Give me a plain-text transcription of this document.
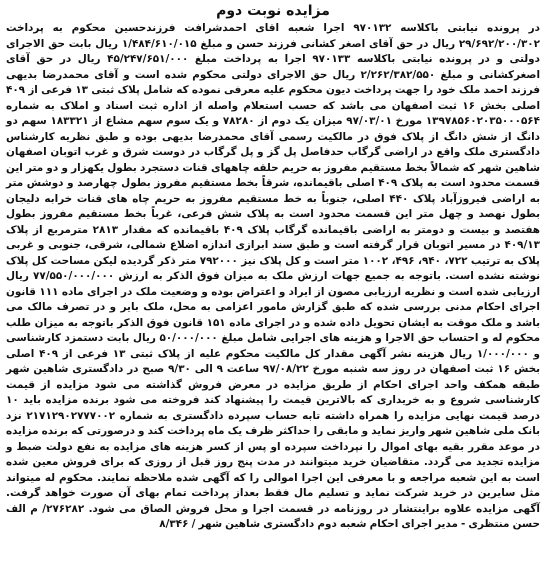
مزایده نوبت دوم

در پرونده نیابتی باکلاسه ۹۷۰۱۳۲ اجرا شعبه اقای احمدشرافت فرزندحسین محکوم به پرداخت ۲۹/۶۹۲/۲۰۰/۳۰۲ ریال در حق آقای اصغر کشانی فرزند حسن و مبلغ ۱/۴۸۴/۶۱۰/۰۱۵ ریال بابت حق الاجرای دولتی و در پرونده نیابتی باکلاسه ۹۷۰۱۳۳ اجرا به پرداخت مبلغ ۴۵/۲۴۷/۶۵۱/۰۰۰ ریال در حق آقای اصغرکشانی و مبلغ ۲/۲۶۲/۳۸۲/۵۵۰ ریال حق الاجرای دولتی محکوم شده است و آقای محمدرضا بدیهی فرزند احمد ملک خود را جهت پرداخت دیون محکوم علیه معرفی نموده که شامل پلاک ثبتی ۱۳ فرعی از ۴۰۹ اصلی بخش ۱۶ ثبت اصفهان می باشد که حسب استعلام واصله از اداره ثبت اسناد و املاک به شماره ۱۳۹۷۸۵۶۰۲۰۳۵۰۰۰۵۶۴ مورخ ۹۷/۰۳/۰۱ میزان یک دوم از ۷۸۲۸۰ و یک سوم سهم مشاع از ۱۸۳۳۲۱ سهم دو دانگ از شش دانگ از پلاک فوق در مالکیت رسمی آقای محمدرضا بدیهی بوده و طبق نظریه کارشناس دادگستری ملک واقع در اراضی گرگاب حدفاصل پل گز و پل گرگاب در دوست شرق و غرب اتوبان اصفهان شاهین شهر که شمالاً بخط مستقیم مفروز به حریم حلقه چاههای قنات دستجرد بطول یکهزار و دو متر این قسمت محدود است به پلاک ۴۰۹ اصلی باقیمانده، شرقاً بخط مستقیم مفروز بطول چهارصد و دوشش متر به اراضی فیروزآباد پلاک ۴۴۰ اصلی، جنوباً به خط مستقیم مفروز به حریم چاه های قنات خرابه دلیجان بطول نهصد و چهل متر این قسمت محدود است به پلاک شش فرعی، غرباً بخط مستقیم مفروز بطول هفتصد و بیست و دومتر به اراضی باقیمانده گرگاب پلاک ۴۰۹ باقیمانده که مقدار ۲۸۱۳ مترمربع از پلاک ۴۰۹/۱۳ در مسیر اتوبان قرار گرفته است و طبق سند ابرازی اندازه اضلاع شمالی، شرقی، جنوبی و غربی پلاک به ترتیب ۷۲۲، ۹۴۰، ۴۹۶، ۱۰۰۲ متر است و کل پلاک نیز ۷۹۲۰۰۰ متر ذکر گردیده لیکن مساحت کل پلاک نوشته نشده است. باتوجه به جمیع جهات ارزش ملک به میزان فوق الذکر به ارزش ۷۷/۵۵۰/۰۰۰/۰۰۰ ریال ارزیابی شده است و نظریه ارزیابی مصون از ایراد و اعتراض بوده و وضعیت ملک در اجرای ماده ۱۱۱ قانون اجرای احکام مدنی بررسی شده که طبق گزارش مامور اعزامی به محل، ملک بایر و در تصرف مالک می باشد و ملک موقت به ایشان تحویل داده شده و در اجرای ماده ۱۵۱ قانون فوق الذکر باتوجه به میزان طلب محکوم له و احتساب حق الاجرا و هزینه های اجرایی شامل مبلغ ۵۰/۰۰۰/۰۰۰ ریال بابت دستمزد کارشناسی و ۱/۰۰۰/۰۰۰ ریال هزینه نشر آگهی مقدار کل مالکیت محکوم علیه از پلاک ثبتی ۱۳ فرعی از ۴۰۹ اصلی بخش ۱۶ ثبت اصفهان در روز سه شنبه مورخ ۹۷/۰۸/۲۲ ساعت ۹ الی ۹/۳۰ صبح در دادگستری شاهین شهر طبقه همکف واحد اجرای احکام از طریق مزایده در معرض فروش گذاشته می شود مزایده از قیمت کارشناسی شروع و به خریداری که بالاترین قیمت را پیشنهاد کند فروخته می شود برنده مزایده باید ۱۰ درصد قیمت نهایی مزایده را همراه داشته تابه حساب سپرده دادگستری به شماره ۲۱۷۱۲۹۰۲۷۷۷۰۰۲ نزد بانک ملی شاهین شهر واریز نماید و مابقی را حداکثر ظرف یک ماه پرداخت کند و درصورتی که برنده مزایده در موعد مقرر بقیه بهای اموال را نپرداخت سپرده او پس از کسر هزینه های مزایده به نفع دولت ضبط و مزایده تجدید می گردد. متقاضیان خرید میتوانند در مدت پنج روز قبل از روزی که برای فروش معین شده است به این شعبه مراجعه و با معرفی این اجرا اموالی را که آگهی شده ملاحظه نمایند. محکوم له میتواند مثل سایرین در خرید شرکت نماید و تسلیم مال فقط بعداز پرداخت تمام بهای آن صورت خواهد گرفت. آگهی مزایده علاوه براینتشار در روزنامه در قسمت اجرا و محل فروش الصاق می شود. ۲۷۶۲۸۲/ م الف حسن منتظری - مدیر اجرای احکام شعبه دوم دادگستری شاهین شهر / ۸/۳۴۶
